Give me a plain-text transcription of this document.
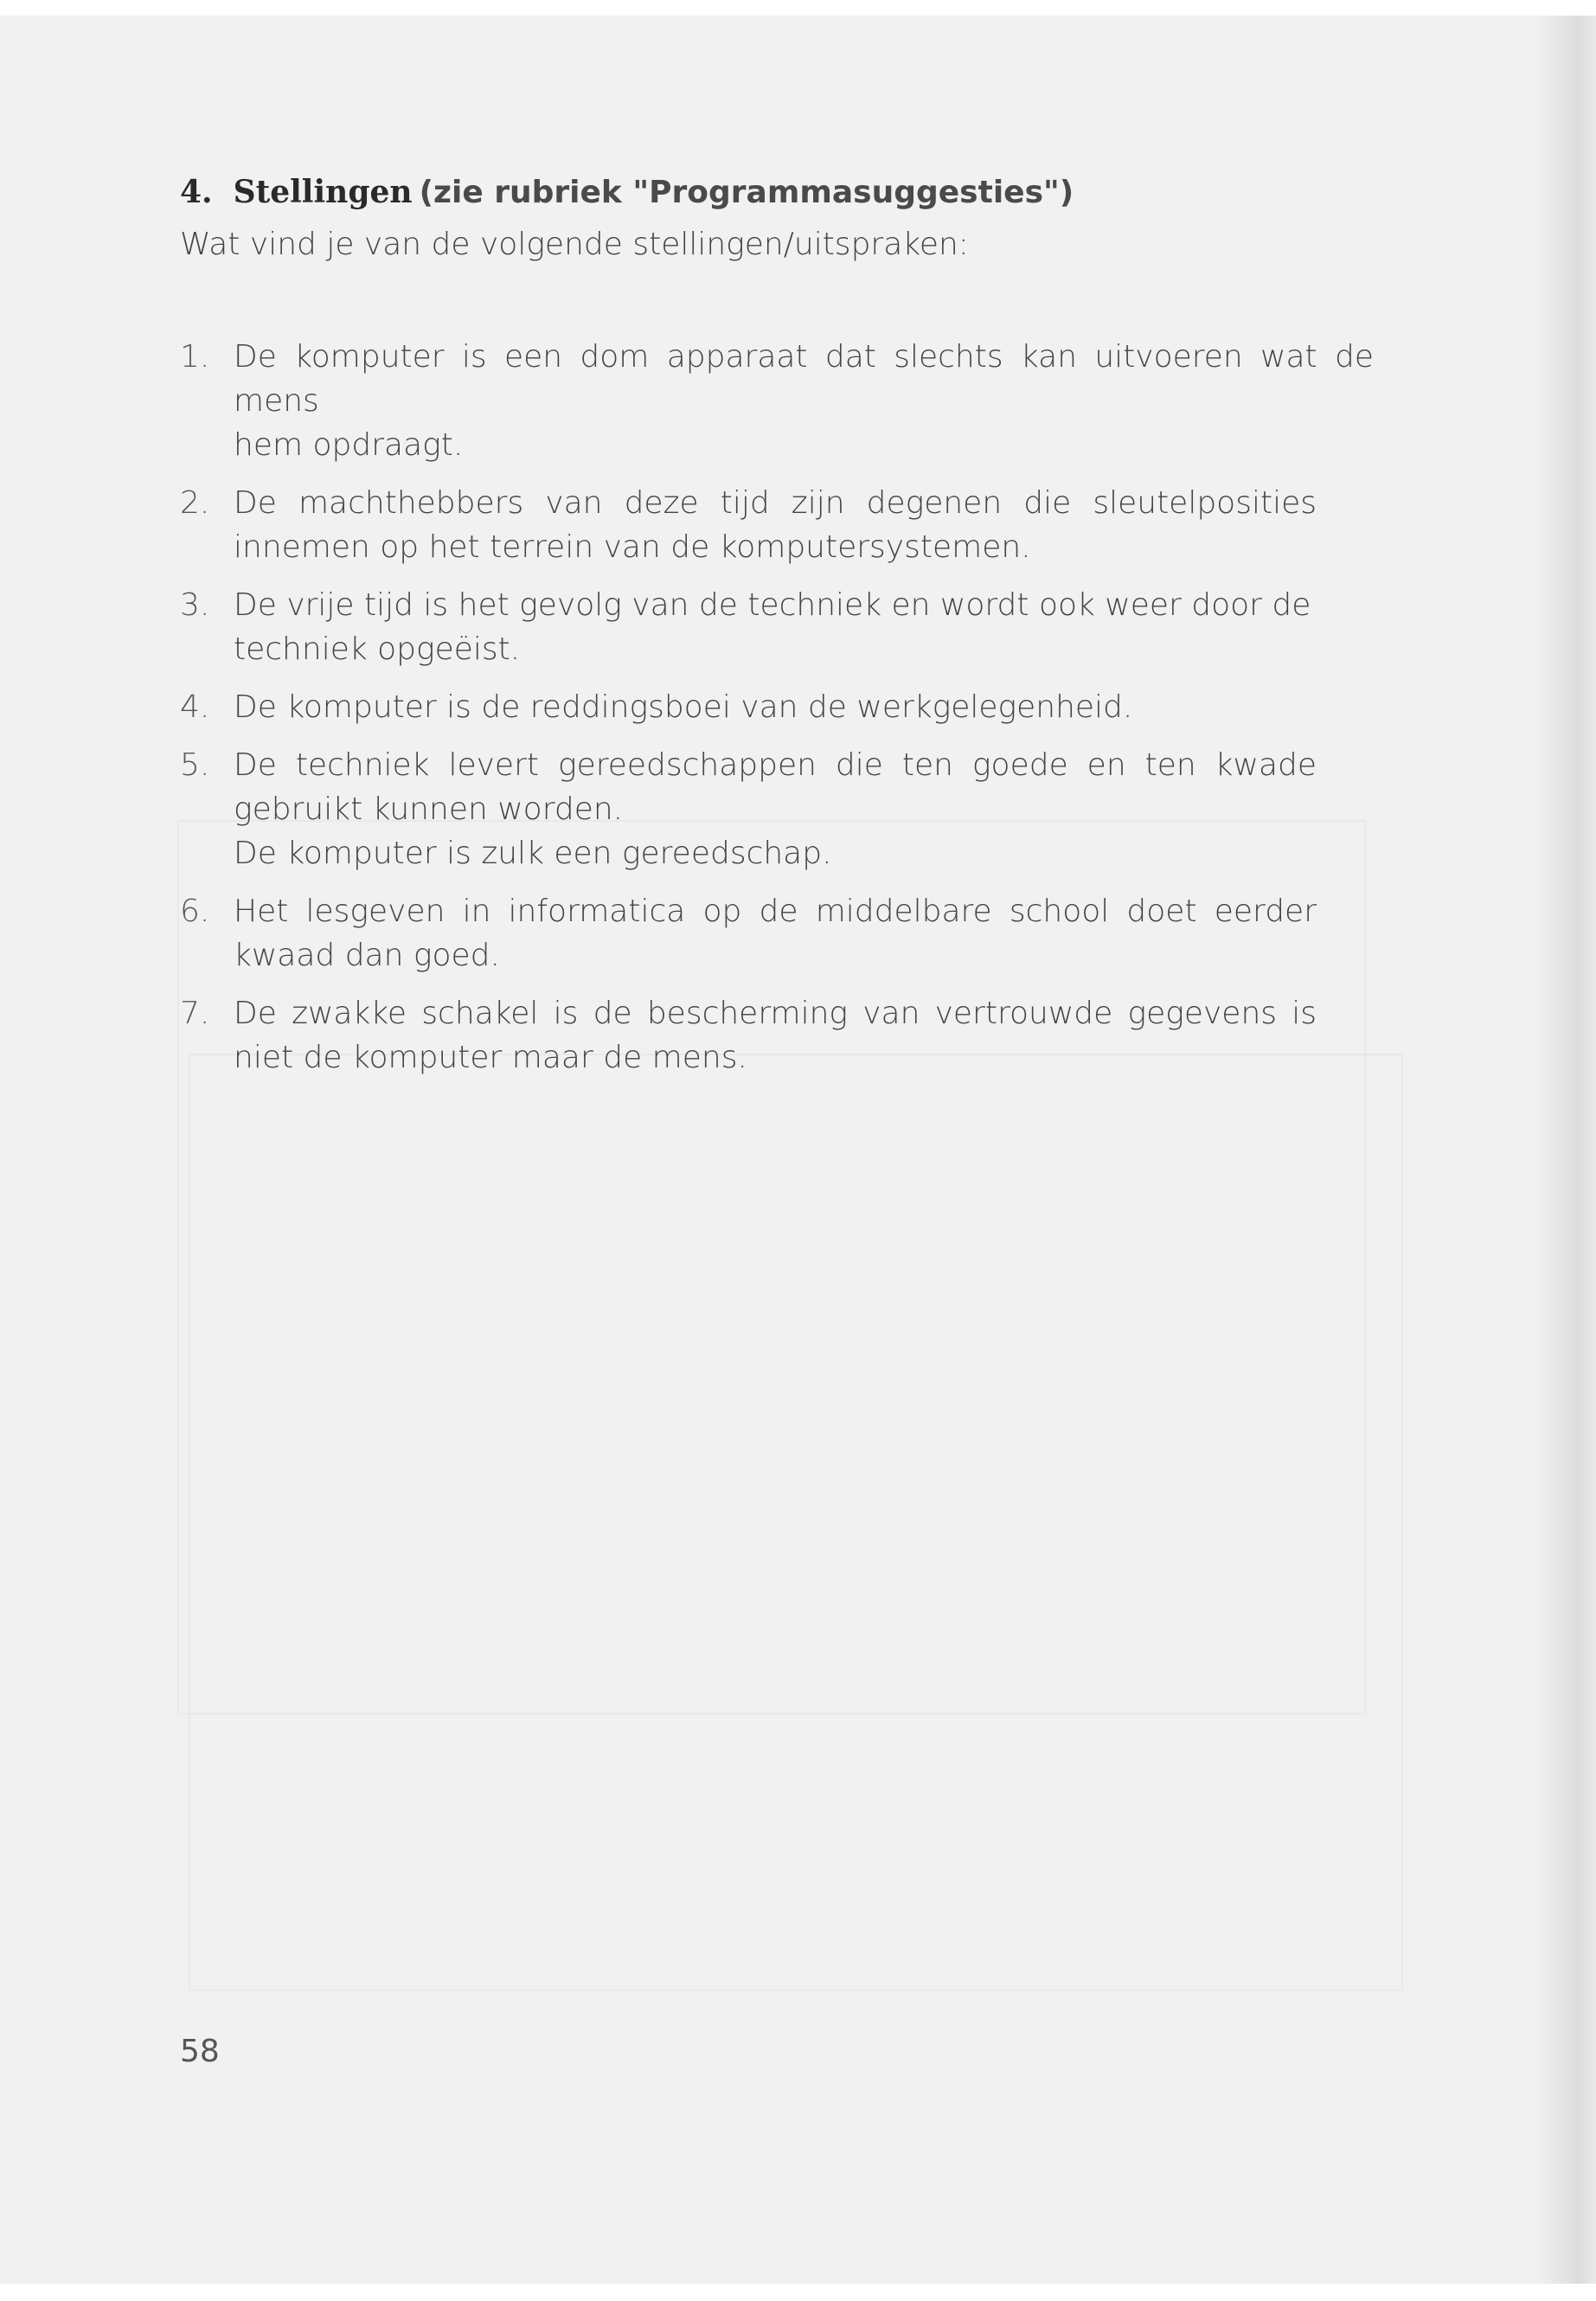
4. Stellingen (zie rubriek "Programmasuggesties")

Wat vind je van de volgende stellingen/uitspraken:

1. De komputer is een dom apparaat dat slechts kan uitvoeren wat de mens
hem opdraagt.
2. De machthebbers van deze tijd zijn degenen die sleutelposities
innemen op het terrein van de komputersystemen.
3. De vrije tijd is het gevolg van de techniek en wordt ook weer door de
techniek opgeëist.
4. De komputer is de reddingsboei van de werkgelegenheid.
5. De techniek levert gereedschappen die ten goede en ten kwade
gebruikt kunnen worden.
De komputer is zulk een gereedschap.
6. Het lesgeven in informatica op de middelbare school doet eerder
kwaad dan goed.
7. De zwakke schakel is de bescherming van vertrouwde gegevens is
niet de komputer maar de mens.
58
